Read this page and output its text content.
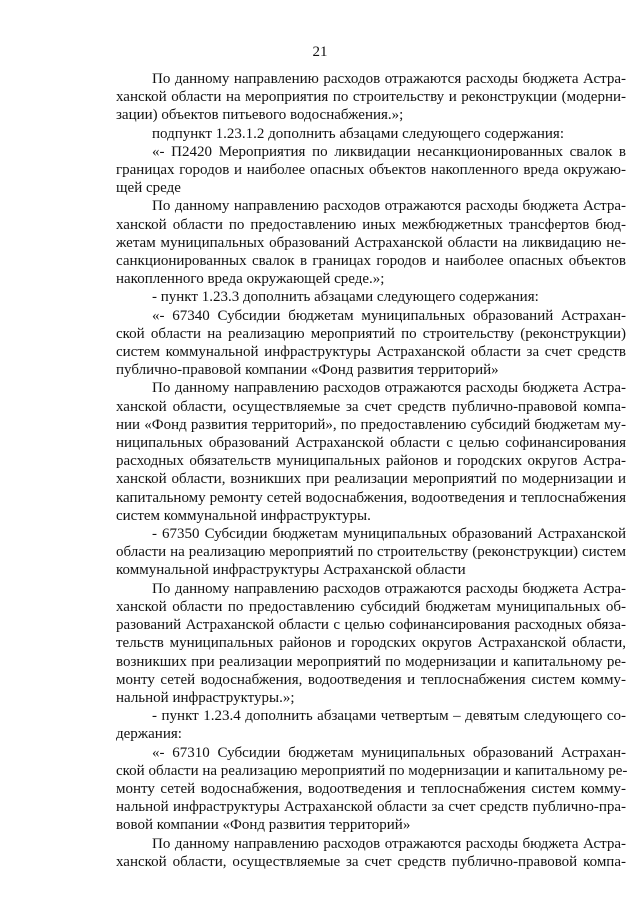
21
По данному направлению расходов отражаются расходы бюджета Астра-
ханской области на мероприятия по строительству и реконструкции (модерни-
зации) объектов питьевого водоснабжения.»;
подпункт 1.23.1.2 дополнить абзацами следующего содержания:
«- П2420 Мероприятия по ликвидации несанкционированных свалок в
границах городов и наиболее опасных объектов накопленного вреда окружаю-
щей среде
По данному направлению расходов отражаются расходы бюджета Астра-
ханской области по предоставлению иных межбюджетных трансфертов бюд-
жетам муниципальных образований Астраханской области на ликвидацию не-
санкционированных свалок в границах городов и наиболее опасных объектов
накопленного вреда окружающей среде.»;
- пункт 1.23.3 дополнить абзацами следующего содержания:
«- 67340 Субсидии бюджетам муниципальных образований Астрахан-
ской области на реализацию мероприятий по строительству (реконструкции)
систем коммунальной инфраструктуры Астраханской области за счет средств
публично-правовой компании «Фонд развития территорий»
По данному направлению расходов отражаются расходы бюджета Астра-
ханской области, осуществляемые за счет средств публично-правовой компа-
нии «Фонд развития территорий», по предоставлению субсидий бюджетам му-
ниципальных образований Астраханской области с целью софинансирования
расходных обязательств муниципальных районов и городских округов Астра-
ханской области, возникших при реализации мероприятий по модернизации и
капитальному ремонту сетей водоснабжения, водоотведения и теплоснабжения
систем коммунальной инфраструктуры.
- 67350 Субсидии бюджетам муниципальных образований Астраханской
области на реализацию мероприятий по строительству (реконструкции) систем
коммунальной инфраструктуры Астраханской области
По данному направлению расходов отражаются расходы бюджета Астра-
ханской области по предоставлению субсидий бюджетам муниципальных об-
разований Астраханской области с целью софинансирования расходных обяза-
тельств муниципальных районов и городских округов Астраханской области,
возникших при реализации мероприятий по модернизации и капитальному ре-
монту сетей водоснабжения, водоотведения и теплоснабжения систем комму-
нальной инфраструктуры.»;
- пункт 1.23.4 дополнить абзацами четвертым – девятым следующего со-
держания:
«- 67310 Субсидии бюджетам муниципальных образований Астрахан-
ской области на реализацию мероприятий по модернизации и капитальному ре-
монту сетей водоснабжения, водоотведения и теплоснабжения систем комму-
нальной инфраструктуры Астраханской области за счет средств публично-пра-
вовой компании «Фонд развития территорий»
По данному направлению расходов отражаются расходы бюджета Астра-
ханской области, осуществляемые за счет средств публично-правовой компа-
